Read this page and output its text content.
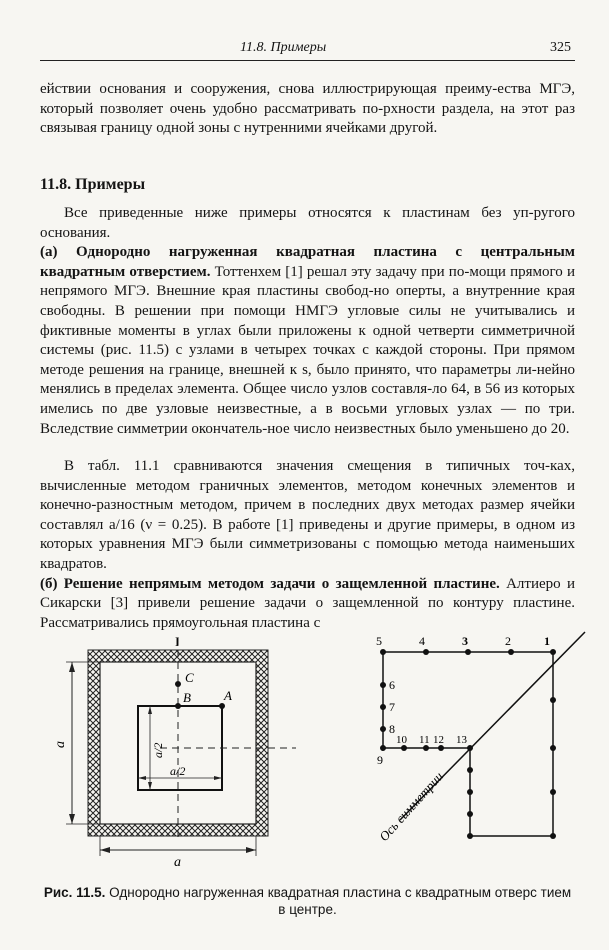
11.8. Примеры	325
ействии основания и сооружения, снова иллюстрирующая преиму-ества МГЭ, который позволяет очень удобно рассматривать по-рхности раздела, на этот раз связывая границу одной зоны с нутренними ячейками другой.
11.8. Примеры
Все приведенные ниже примеры относятся к пластинам без уп-ругого основания.
(а) Однородно нагруженная квадратная пластина с центральным квадратным отверстием. Тоттенхем [1] решал эту задачу при по-мощи прямого и непрямого МГЭ. Внешние края пластины свобод-но оперты, а внутренние края свободны. В решении при помощи НМГЭ угловые силы не учитывались и фиктивные моменты в углах были приложены к одной четверти симметричной системы (рис. 11.5) с узлами в четырех точках с каждой стороны. При прямом методе решения на границе, внешней к s, было принято, что параметры ли-нейно менялись в пределах элемента. Общее число узлов составля-ло 64, в 56 из которых имелись по две узловые неизвестные, а в восьми угловых узлах — по три. Вследствие симметрии окончатель-ное число неизвестных было уменьшено до 20.
В табл. 11.1 сравниваются значения смещения в типичных точ-ках, вычисленные методом граничных элементов, методом конечных элементов и конечно-разностным методом, причем в последних двух методах размер ячейки составлял a/16 (ν = 0.25). В работе [1] приведены и другие примеры, в одном из которых уравнения МГЭ были симметризованы с помощью метода наименьших квадратов.
(б) Решение непрямым методом задачи о защемленной пластине. Алтиеро и Сикарски [3] привели решение задачи о защемленной по контуру пластине. Рассматривались прямоугольная пластина с
I
C
B	A
a
a
a/2
a/2	Ось симметрии
5	4	3	2	1
6
7
8
10 11 12 13
9
Рис. 11.5. Однородно нагруженная квадратная пластина с квадратным отверс тием в центре.
